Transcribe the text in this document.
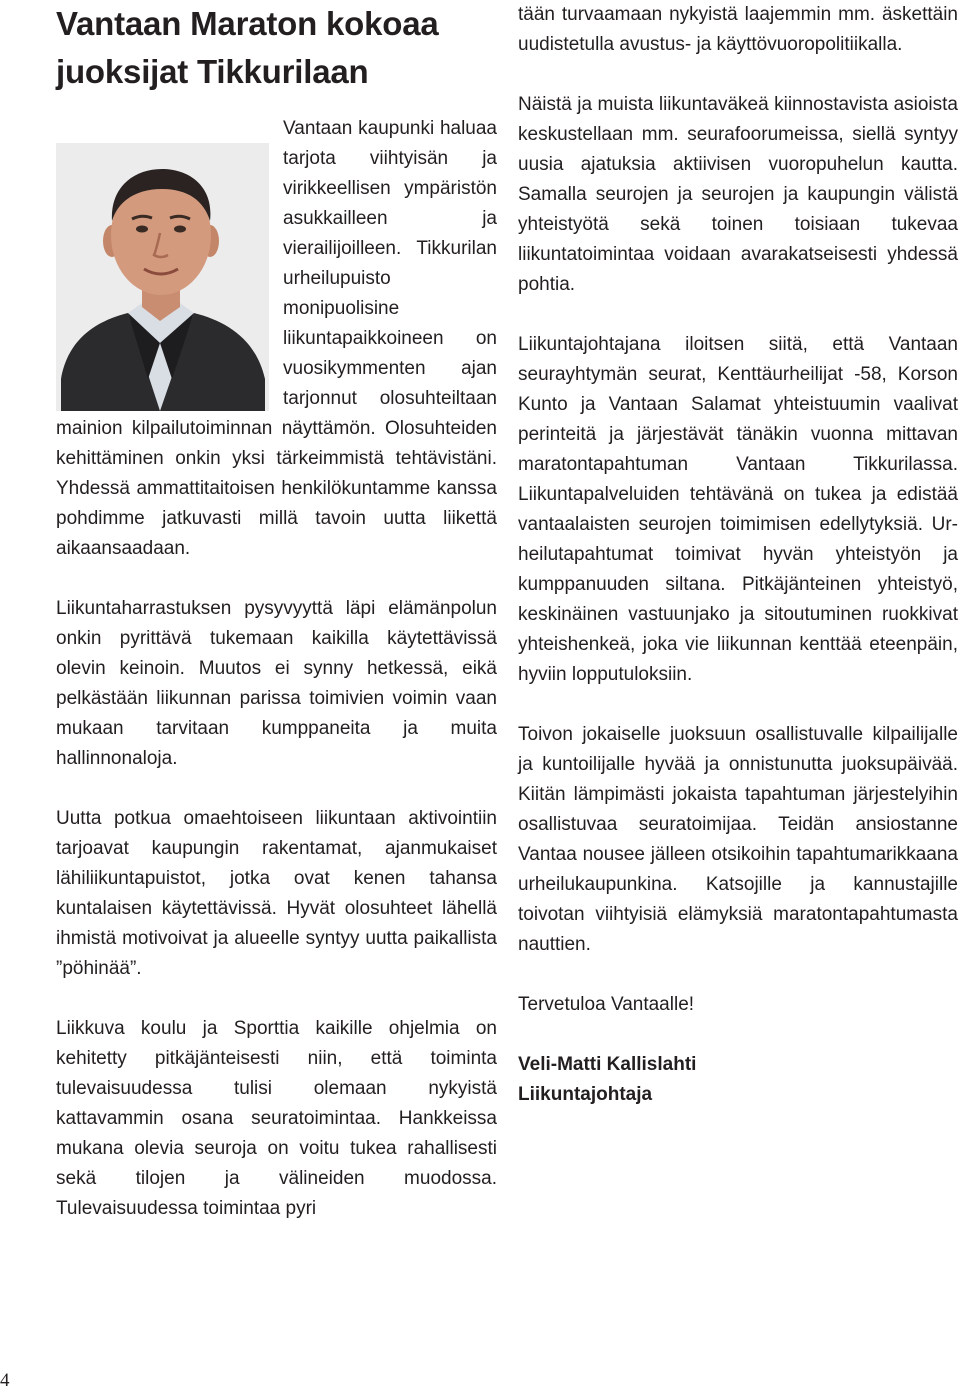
Vantaan Maraton kokoaa juoksijat Tikkurilaan

Vantaan kaupunki haluaa tarjota viihtyisän ja virikkeellisen ympäristön asukkailleen ja vierailijoilleen. Tikkurilan urheilupuisto monipuolisine liikuntapaikkoineen on vuosikymmenten ajan tarjonnut olosuhteiltaan mainion kilpailutoiminnan näyttämön. Olosuhteiden kehittäminen onkin yksi tärkeimmistä tehtävistäni. Yhdessä ammattitaitoisen henkilökuntamme kanssa pohdimme jatkuvasti millä tavoin uutta liikettä aikaansaadaan.

Liikuntaharrastuksen pysyvyyttä läpi elämänpolun onkin pyrittävä tukemaan kaikilla käytettävissä olevin keinoin. Muutos ei synny hetkessä, eikä pelkästään liikunnan parissa toimivien voimin vaan mukaan tarvitaan kumppaneita ja muita hallinnonaloja.

Uutta potkua omaehtoiseen liikuntaan aktivointiin tarjoavat kaupungin rakentamat, ajanmukaiset lähiliikuntapuistot, jotka ovat kenen tahansa kuntalaisen käytettävissä. Hyvät olosuhteet lähellä ihmistä motivoivat ja alueelle syntyy uutta paikallista ”pöhinää”.

Liikkuva koulu ja Sporttia kaikille ohjelmia on kehitetty pitkäjänteisesti niin, että toiminta tulevaisuudessa tulisi olemaan nykyistä kattavammin osana seuratoimintaa. Hankkeissa mukana olevia seuroja on voitu tukea rahallisesti sekä tilojen ja välineiden muodossa. Tulevaisuudessa toimintaa pyri

tään turvaamaan nykyistä laajemmin mm. äskettäin uudistetulla avustus- ja käyttövuoropolitiikalla.

Näistä ja muista liikuntaväkeä kiinnostavista asioista keskustellaan mm. seurafoorumeissa, siellä syntyy uusia ajatuksia aktiivisen vuoropuhelun kautta. Samalla seurojen ja seurojen ja kaupungin välistä yhteistyötä sekä toinen toisiaan tukevaa liikuntatoimintaa voidaan avarakatseisesti yhdessä pohtia.

Liikuntajohtajana iloitsen siitä, että Vantaan seurayhtymän seurat, Kenttäurheilijat -58, Korson Kunto ja Vantaan Salamat yhteistuumin vaalivat perinteitä ja järjestävät tänäkin vuonna mittavan maratontapahtuman Vantaan Tikkurilassa. Liikuntapalveluiden tehtävänä on tukea ja edistää vantaalaisten seurojen toimimisen edellytyksiä. Urheilutapahtumat toimivat hyvän yhteistyön ja kumppanuuden siltana. Pitkäjänteinen yhteistyö, keskinäinen vastuunjako ja sitoutuminen ruokkivat yhteishenkeä, joka vie liikunnan kenttää eteenpäin, hyviin lopputuloksiin.

Toivon jokaiselle juoksuun osallistuvalle kilpailijalle ja kuntoilijalle hyvää ja onnistunutta juoksupäivää. Kiitän lämpimästi jokaista tapahtuman järjestelyihin osallistuvaa seuratoimijaa. Teidän ansiostanne Vantaa nousee jälleen otsikoihin tapahtumarikkaana urheilukaupunkina. Katsojille ja kannustajille toivotan viihtyisiä elämyksiä maratontapahtumasta nauttien.

Tervetuloa Vantaalle!

Veli-Matti Kallislahti
Liikuntajohtaja

4
